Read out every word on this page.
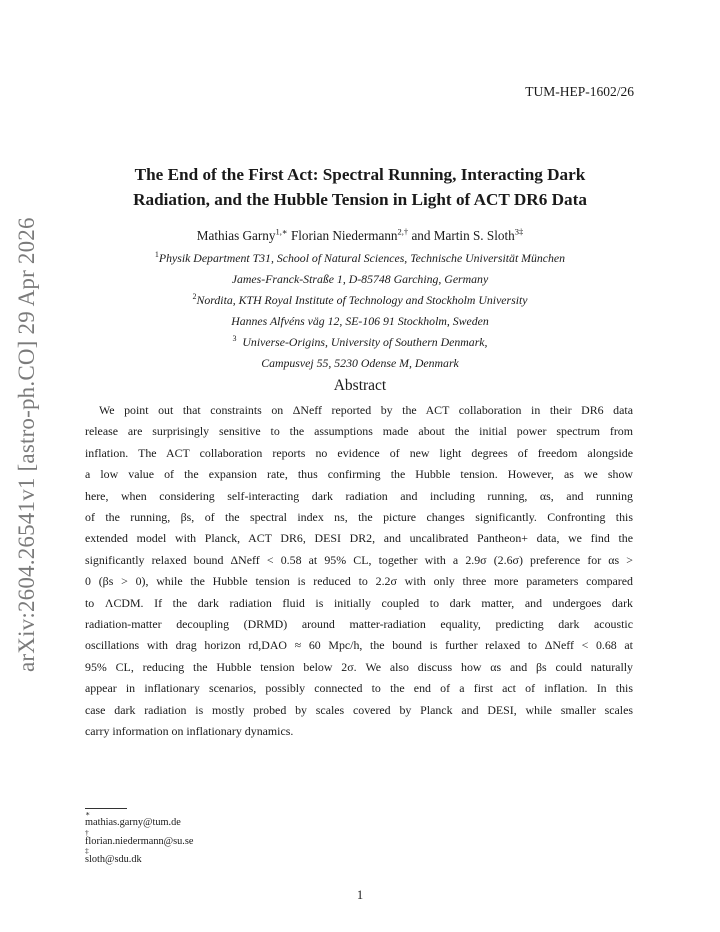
arXiv:2604.26541v1 [astro-ph.CO] 29 Apr 2026
TUM-HEP-1602/26
The End of the First Act: Spectral Running, Interacting Dark
Radiation, and the Hubble Tension in Light of ACT DR6 Data
Mathias Garny$^{1,∗}$ Florian Niedermann$^{2,\dagger}$ and Martin S. Sloth$^{3\ddagger}$
$^1$Physik Department T31, School of Natural Sciences, Technische Universität München
James-Franck-Straße 1, D-85748 Garching, Germany
$^2$Nordita, KTH Royal Institute of Technology and Stockholm University
Hannes Alfvéns väg 12, SE-106 91 Stockholm, Sweden
$^3$ Universe-Origins, University of Southern Denmark,
Campusvej 55, 5230 Odense M, Denmark
Abstract
We point out that constraints on ΔNeff reported by the ACT collaboration in their DR6 data
release are surprisingly sensitive to the assumptions made about the initial power spectrum from
inflation. The ACT collaboration reports no evidence of new light degrees of freedom alongside
a low value of the expansion rate, thus confirming the Hubble tension. However, as we show
here, when considering self-interacting dark radiation and including running, αs, and running
of the running, βs, of the spectral index ns, the picture changes significantly. Confronting this
extended model with Planck, ACT DR6, DESI DR2, and uncalibrated Pantheon+ data, we find the
significantly relaxed bound ΔNeff < 0.58 at 95% CL, together with a 2.9σ (2.6σ) preference for αs >
0 (βs > 0), while the Hubble tension is reduced to 2.2σ with only three more parameters compared
to ΛCDM. If the dark radiation fluid is initially coupled to dark matter, and undergoes dark
radiation-matter decoupling (DRMD) around matter-radiation equality, predicting dark acoustic
oscillations with drag horizon rd,DAO ≈ 60 Mpc/h, the bound is further relaxed to ΔNeff < 0.68 at
95% CL, reducing the Hubble tension below 2σ. We also discuss how αs and βs could naturally
appear in inflationary scenarios, possibly connected to the end of a first act of inflation. In this
case dark radiation is mostly probed by scales covered by Planck and DESI, while smaller scales
carry information on inflationary dynamics.
∗
mathias.garny@tum.de
†
florian.niedermann@su.se
‡
sloth@sdu.dk
1
